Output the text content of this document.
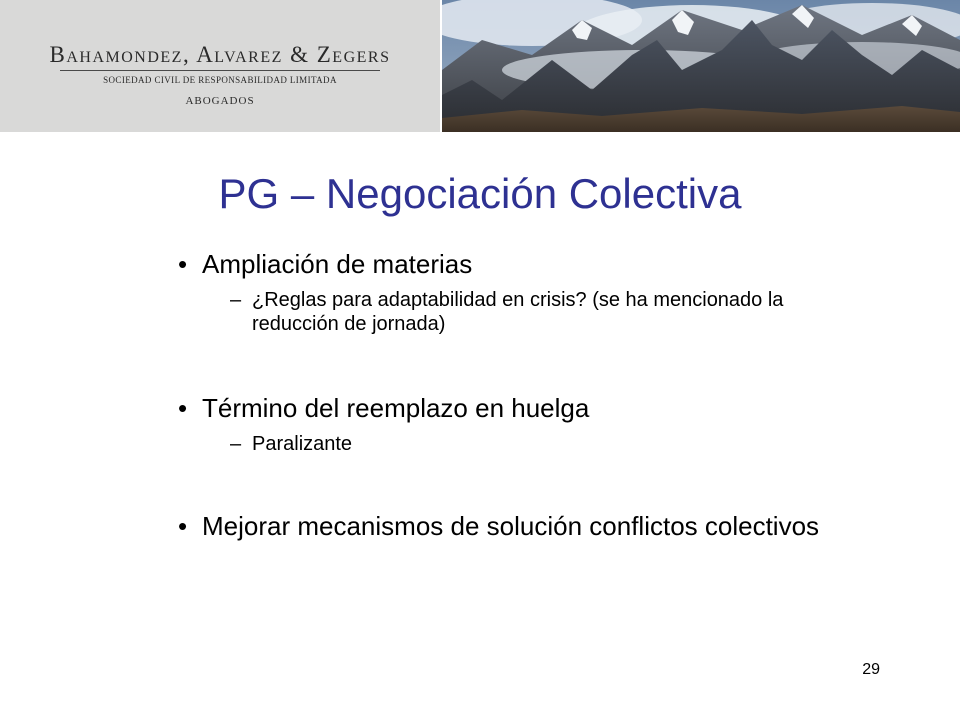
Bahamondez, Alvarez & Zegers
SOCIEDAD CIVIL DE RESPONSABILIDAD LIMITADA
ABOGADOS
PG – Negociación Colectiva
• Ampliación de materias
– ¿Reglas para adaptabilidad en crisis? (se ha mencionado la reducción de jornada)
• Término del reemplazo en huelga
– Paralizante
• Mejorar mecanismos de solución conflictos colectivos
29
